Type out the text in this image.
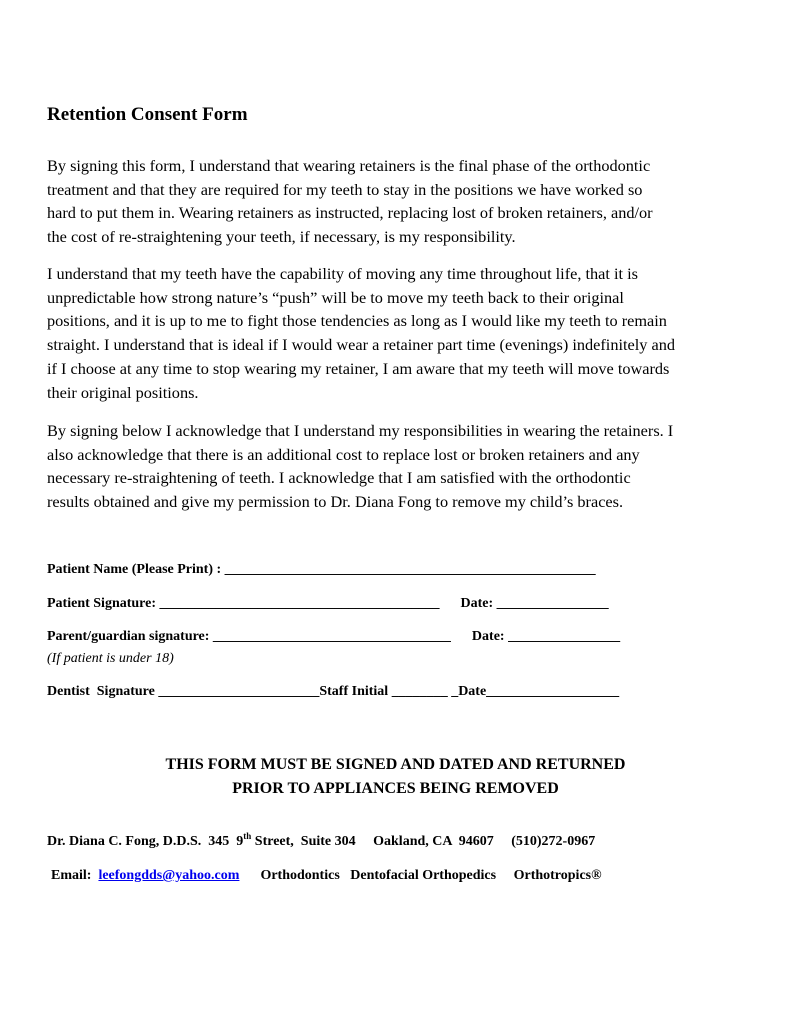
Retention Consent Form
By signing this form, I understand that wearing retainers is the final phase of the orthodontic
treatment and that they are required for my teeth to stay in the positions we have worked so
hard to put them in. Wearing retainers as instructed, replacing lost of broken retainers, and/or
the cost of re-straightening your teeth, if necessary, is my responsibility.
I understand that my teeth have the capability of moving any time throughout life, that it is
unpredictable how strong nature’s “push” will be to move my teeth back to their original
positions, and it is up to me to fight those tendencies as long as I would like my teeth to remain
straight. I understand that is ideal if I would wear a retainer part time (evenings) indefinitely and
if I choose at any time to stop wearing my retainer, I am aware that my teeth will move towards
their original positions.
By signing below I acknowledge that I understand my responsibilities in wearing the retainers. I
also acknowledge that there is an additional cost to replace lost or broken retainers and any
necessary re-straightening of teeth. I acknowledge that I am satisfied with the orthodontic
results obtained and give my permission to Dr. Diana Fong to remove my child’s braces.
Patient Name (Please Print) : _____________________________________________________
Patient Signature: ________________________________________      Date: ________________
Parent/guardian signature: __________________________________      Date: ________________
(If patient is under 18)
Dentist  Signature _______________________Staff Initial ________ _Date___________________
THIS FORM MUST BE SIGNED AND DATED AND RETURNED
PRIOR TO APPLIANCES BEING REMOVED
Dr. Diana C. Fong, D.D.S.  345  9th Street,  Suite 304     Oakland, CA  94607     (510)272-0967
Email:  leefongdds@yahoo.com      Orthodontics   Dentofacial Orthopedics     Orthotropics®
